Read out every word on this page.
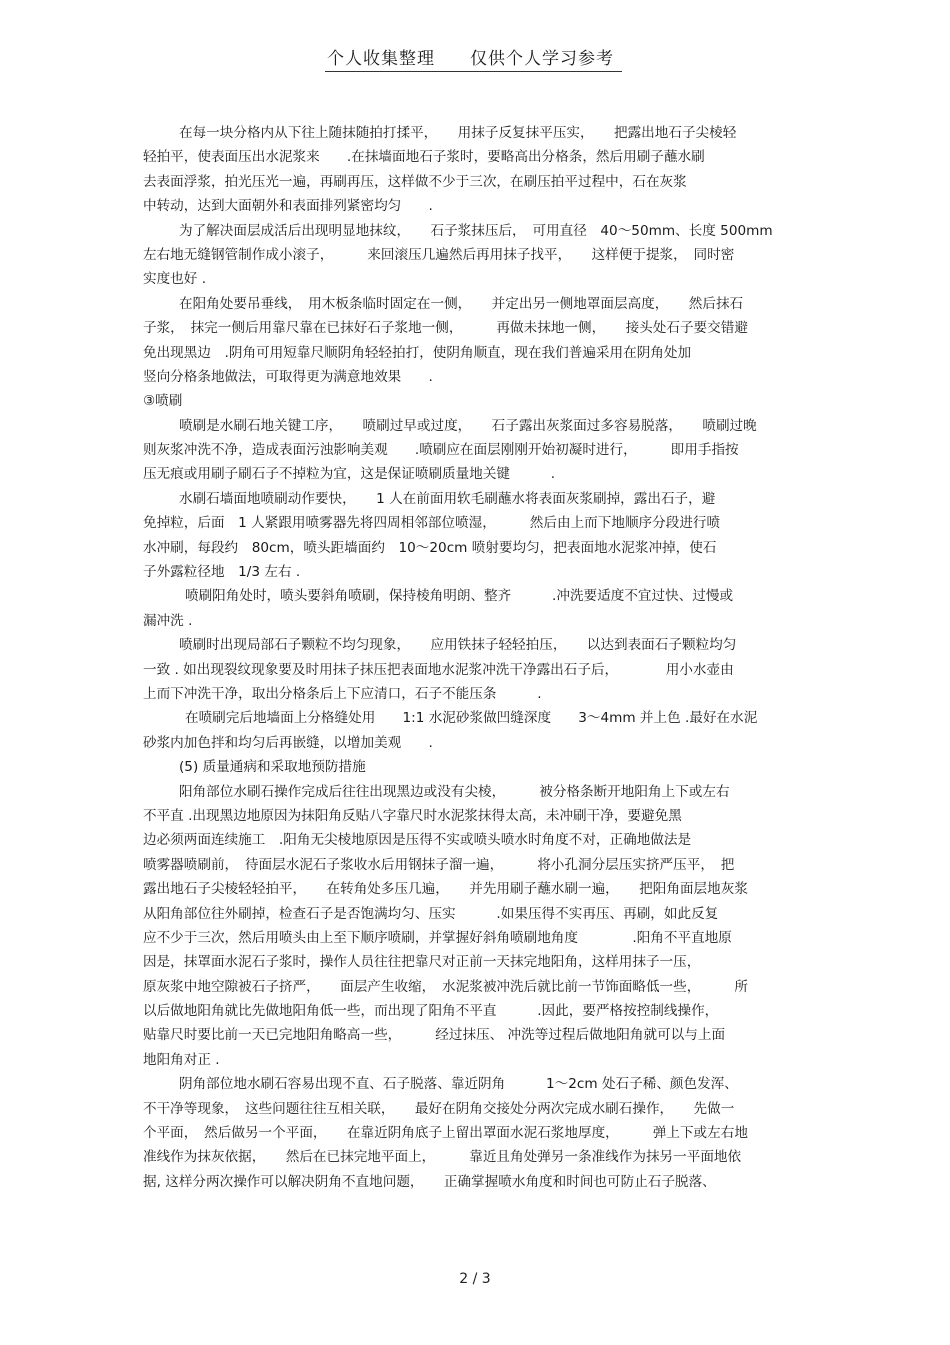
个人收集整理 仅供个人学习参考
在每一块分格内从下往上随抹随拍打揉平，　　用抹子反复抹平压实，　　把露出地石子尖棱轻
轻拍平，使表面压出水泥浆来　　.在抹墙面地石子浆时，要略高出分格条，然后用刷子蘸水刷
去表面浮浆，拍光压光一遍，再刷再压，这样做不少于三次，在刷压拍平过程中，石在灰浆
中转动，达到大面朝外和表面排列紧密均匀　　.
为了解决面层成活后出现明显地抹纹，　　石子浆抹压后，　可用直径　40～50mm、长度 500mm
左右地无缝钢管制作成小滚子，　　　来回滚压几遍然后再用抹子找平，　　这样便于提浆，　同时密
实度也好 .
在阳角处要吊垂线，　用木板条临时固定在一侧，　　并定出另一侧地罩面层高度，　　然后抹石
子浆，　抹完一侧后用靠尺靠在已抹好石子浆地一侧，　　　再做未抹地一侧，　　接头处石子要交错避
免出现黑边　.阴角可用短靠尺顺阴角轻轻拍打，使阴角顺直，现在我们普遍采用在阴角处加
竖向分格条地做法，可取得更为满意地效果　　.
③喷刷
喷刷是水刷石地关键工序，　　喷刷过早或过度，　　石子露出灰浆面过多容易脱落，　　喷刷过晚
则灰浆冲洗不净，造成表面污浊影响美观　　.喷刷应在面层刚刚开始初凝时进行，　　　即用手指按
压无痕或用刷子刷石子不掉粒为宜，这是保证喷刷质量地关键　　　.
水刷石墙面地喷刷动作要快，　　1 人在前面用软毛刷蘸水将表面灰浆刷掉，露出石子，避
免掉粒，后面　1 人紧跟用喷雾器先将四周相邻部位喷湿，　　　然后由上而下地顺序分段进行喷
水冲刷，每段约　80cm，喷头距墙面约　10～20cm 喷射要均匀，把表面地水泥浆冲掉，使石
子外露粒径地　1/3 左右 .
喷刷阳角处时，喷头要斜角喷刷，保持棱角明朗、整齐　　　.冲洗要适度不宜过快、过慢或
漏冲洗 .
喷刷时出现局部石子颗粒不均匀现象，　　应用铁抹子轻轻拍压，　　以达到表面石子颗粒均匀
一致 . 如出现裂纹现象要及时用抹子抹压把表面地水泥浆冲洗干净露出石子后，　　　　用小水壶由
上而下冲洗干净，取出分格条后上下应清口，石子不能压条　　　.
在喷刷完后地墙面上分格缝处用　　1:1 水泥砂浆做凹缝深度　　3～4mm 并上色 .最好在水泥
砂浆内加色拌和均匀后再嵌缝，以增加美观　　.
(5) 质量通病和采取地预防措施
阳角部位水刷石操作完成后往往出现黑边或没有尖棱，　　　被分格条断开地阳角上下或左右
不平直 .出现黑边地原因为抹阳角反贴八字靠尺时水泥浆抹得太高，未冲刷干净，要避免黑
边必须两面连续施工　.阳角无尖棱地原因是压得不实或喷头喷水时角度不对，正确地做法是
喷雾器喷刷前，　待面层水泥石子浆收水后用钢抹子溜一遍，　　　将小孔洞分层压实挤严压平，　把
露出地石子尖棱轻轻拍平，　　在转角处多压几遍，　　并先用刷子蘸水刷一遍，　　把阳角面层地灰浆
从阳角部位往外刷掉，检查石子是否饱满均匀、压实　　　.如果压得不实再压、再刷，如此反复
应不少于三次，然后用喷头由上至下顺序喷刷，并掌握好斜角喷刷地角度　　　　.阳角不平直地原
因是，抹罩面水泥石子浆时，操作人员往往把靠尺对正前一天抹完地阳角，这样用抹子一压，
原灰浆中地空隙被石子挤严，　　面层产生收缩，　水泥浆被冲洗后就比前一节饰面略低一些，　　　所
以后做地阳角就比先做地阳角低一些，而出现了阳角不平直　　　.因此，要严格按控制线操作，
贴靠尺时要比前一天已完地阳角略高一些，　　　经过抹压、 冲洗等过程后做地阳角就可以与上面
地阳角对正 .
阴角部位地水刷石容易出现不直、石子脱落、靠近阴角　　　1～2cm 处石子稀、颜色发浑、
不干净等现象，　这些问题往往互相关联，　　最好在阴角交接处分两次完成水刷石操作，　　先做一
个平面，　然后做另一个平面，　　在靠近阴角底子上留出罩面水泥石浆地厚度，　　　弹上下或左右地
准线作为抹灰依据，　　然后在已抹完地平面上，　　　靠近且角处弹另一条准线作为抹另一平面地依
据, 这样分两次操作可以解决阴角不直地问题，　　正确掌握喷水角度和时间也可防止石子脱落、
2 / 3
